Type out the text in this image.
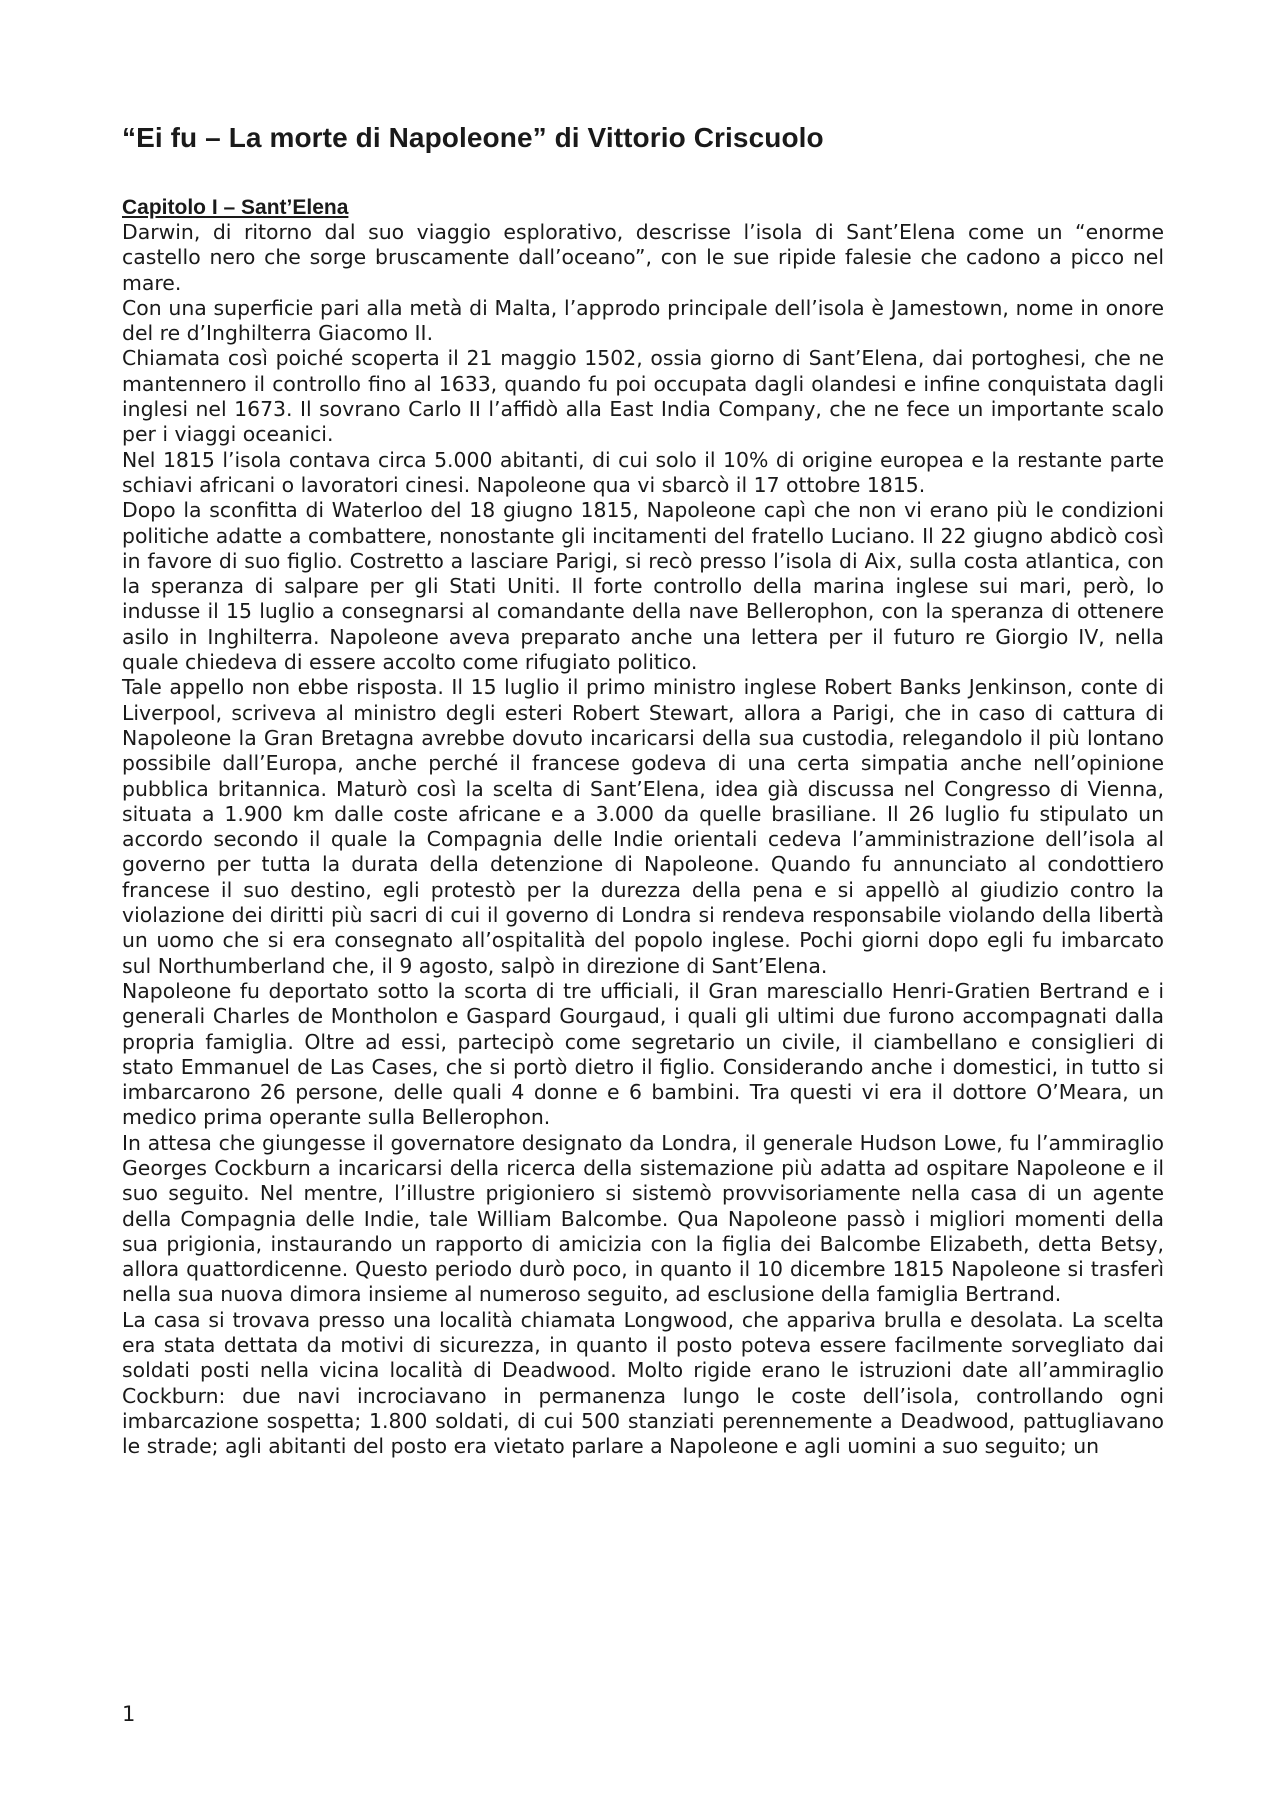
“Ei fu – La morte di Napoleone” di Vittorio Criscuolo
Capitolo I – Sant’Elena

Darwin, di ritorno dal suo viaggio esplorativo, descrisse l’isola di Sant’Elena come un “enorme castello nero che sorge bruscamente dall’oceano”, con le sue ripide falesie che cadono a picco nel mare.

Con una superficie pari alla metà di Malta, l’approdo principale dell’isola è Jamestown, nome in onore del re d’Inghilterra Giacomo II.

Chiamata così poiché scoperta il 21 maggio 1502, ossia giorno di Sant’Elena, dai portoghesi, che ne mantennero il controllo fino al 1633, quando fu poi occupata dagli olandesi e infine conquistata dagli inglesi nel 1673. Il sovrano Carlo II l’affidò alla East India Company, che ne fece un importante scalo per i viaggi oceanici.

Nel 1815 l’isola contava circa 5.000 abitanti, di cui solo il 10% di origine europea e la restante parte schiavi africani o lavoratori cinesi. Napoleone qua vi sbarcò il 17 ottobre 1815.

Dopo la sconfitta di Waterloo del 18 giugno 1815, Napoleone capì che non vi erano più le condizioni politiche adatte a combattere, nonostante gli incitamenti del fratello Luciano. Il 22 giugno abdicò così in favore di suo figlio. Costretto a lasciare Parigi, si recò presso l’isola di Aix, sulla costa atlantica, con la speranza di salpare per gli Stati Uniti. Il forte controllo della marina inglese sui mari, però, lo indusse il 15 luglio a consegnarsi al comandante della nave Bellerophon, con la speranza di ottenere asilo in Inghilterra. Napoleone aveva preparato anche una lettera per il futuro re Giorgio IV, nella quale chiedeva di essere accolto come rifugiato politico.

Tale appello non ebbe risposta. Il 15 luglio il primo ministro inglese Robert Banks Jenkinson, conte di Liverpool, scriveva al ministro degli esteri Robert Stewart, allora a Parigi, che in caso di cattura di Napoleone la Gran Bretagna avrebbe dovuto incaricarsi della sua custodia, relegandolo il più lontano possibile dall’Europa, anche perché il francese godeva di una certa simpatia anche nell’opinione pubblica britannica. Maturò così la scelta di Sant’Elena, idea già discussa nel Congresso di Vienna, situata a 1.900 km dalle coste africane e a 3.000 da quelle brasiliane. Il 26 luglio fu stipulato un accordo secondo il quale la Compagnia delle Indie orientali cedeva l’amministrazione dell’isola al governo per tutta la durata della detenzione di Napoleone. Quando fu annunciato al condottiero francese il suo destino, egli protestò per la durezza della pena e si appellò al giudizio contro la violazione dei diritti più sacri di cui il governo di Londra si rendeva responsabile violando della libertà un uomo che si era consegnato all’ospitalità del popolo inglese. Pochi giorni dopo egli fu imbarcato sul Northumberland che, il 9 agosto, salpò in direzione di Sant’Elena.

Napoleone fu deportato sotto la scorta di tre ufficiali, il Gran maresciallo Henri-Gratien Bertrand e i generali Charles de Montholon e Gaspard Gourgaud, i quali gli ultimi due furono accompagnati dalla propria famiglia. Oltre ad essi, partecipò come segretario un civile, il ciambellano e consiglieri di stato Emmanuel de Las Cases, che si portò dietro il figlio. Considerando anche i domestici, in tutto si imbarcarono 26 persone, delle quali 4 donne e 6 bambini. Tra questi vi era il dottore O’Meara, un medico prima operante sulla Bellerophon.

In attesa che giungesse il governatore designato da Londra, il generale Hudson Lowe, fu l’ammiraglio Georges Cockburn a incaricarsi della ricerca della sistemazione più adatta ad ospitare Napoleone e il suo seguito. Nel mentre, l’illustre prigioniero si sistemò provvisoriamente nella casa di un agente della Compagnia delle Indie, tale William Balcombe. Qua Napoleone passò i migliori momenti della sua prigionia, instaurando un rapporto di amicizia con la figlia dei Balcombe Elizabeth, detta Betsy, allora quattordicenne. Questo periodo durò poco, in quanto il 10 dicembre 1815 Napoleone si trasferì nella sua nuova dimora insieme al numeroso seguito, ad esclusione della famiglia Bertrand.

La casa si trovava presso una località chiamata Longwood, che appariva brulla e desolata. La scelta era stata dettata da motivi di sicurezza, in quanto il posto poteva essere facilmente sorvegliato dai soldati posti nella vicina località di Deadwood. Molto rigide erano le istruzioni date all’ammiraglio Cockburn: due navi incrociavano in permanenza lungo le coste dell’isola, controllando ogni imbarcazione sospetta; 1.800 soldati, di cui 500 stanziati perennemente a Deadwood, pattugliavano le strade; agli abitanti del posto era vietato parlare a Napoleone e agli uomini a suo seguito; un

1
